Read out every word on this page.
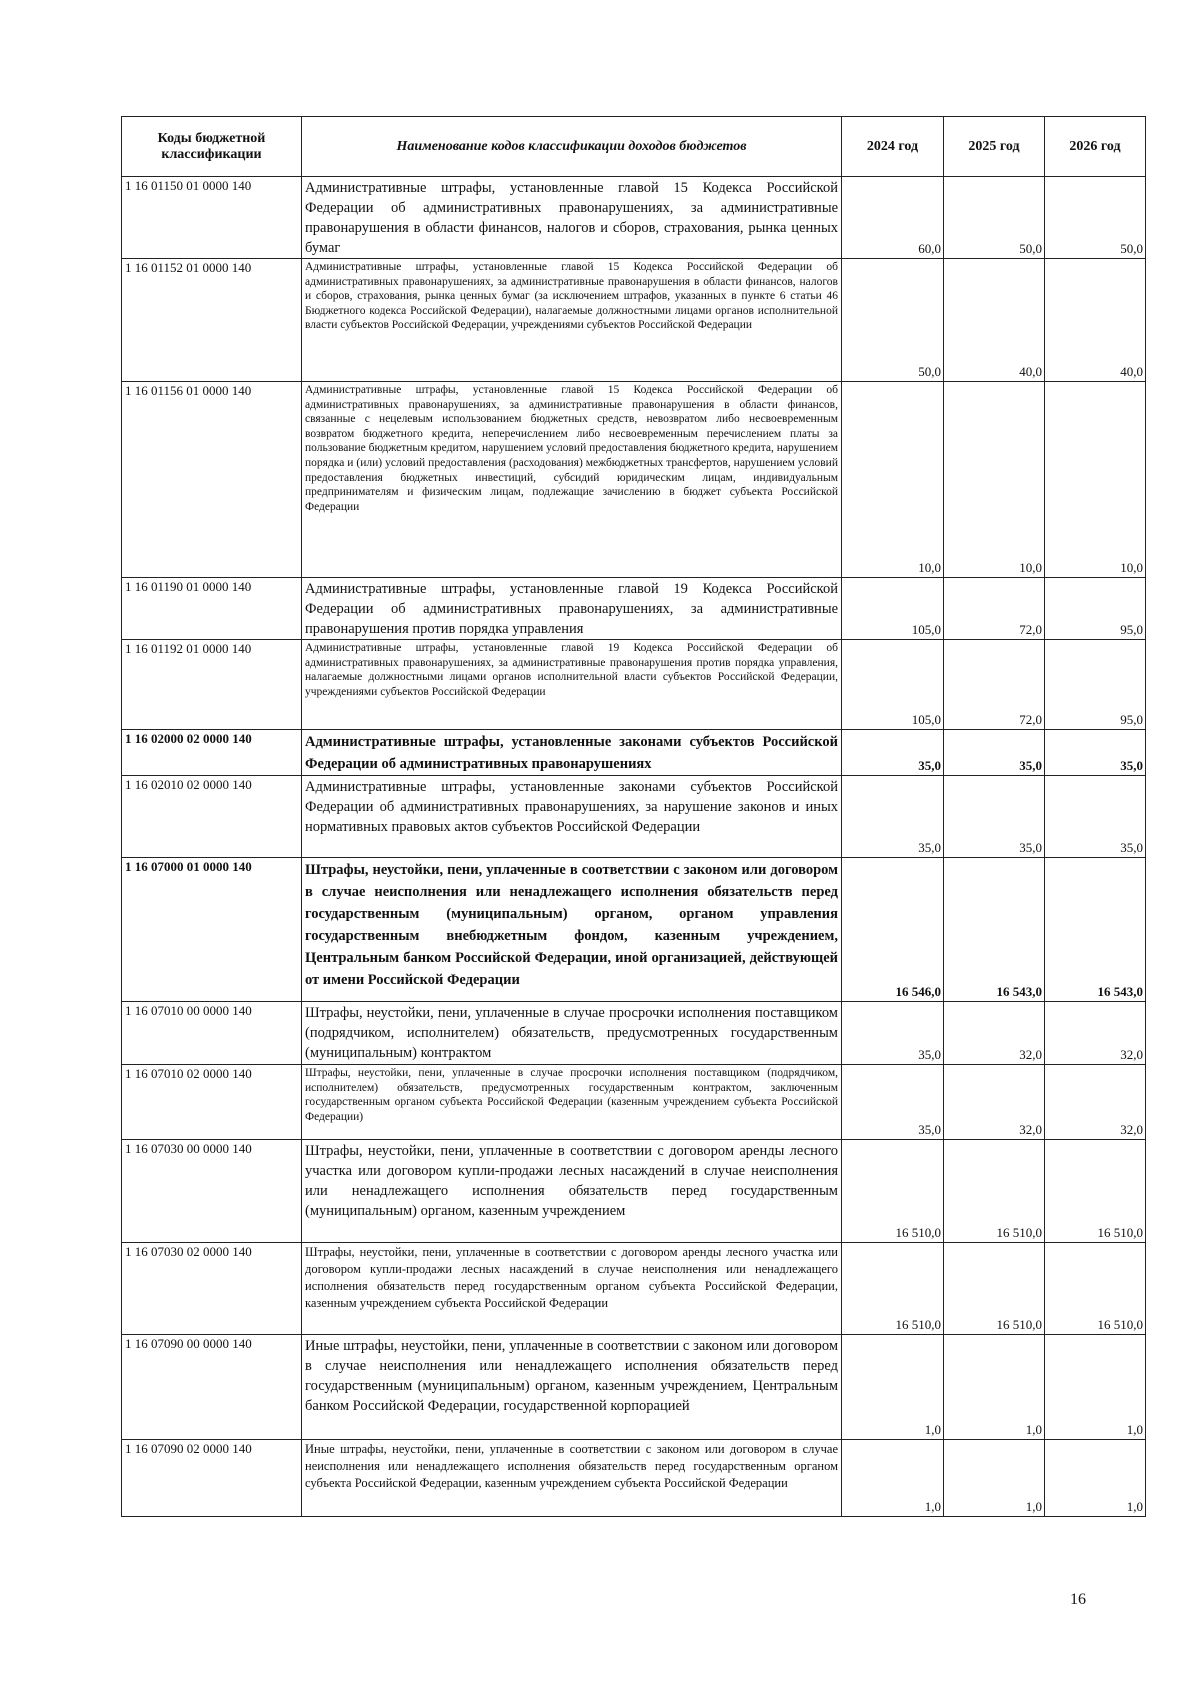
Коды бюджетной классификации	Наименование кодов классификации доходов бюджетов	2024 год	2025 год	2026 год
1 16 01150 01 0000 140	Административные штрафы, установленные главой 15 Кодекса Российской Федерации об административных правонарушениях, за административные правонарушения в области финансов, налогов и сборов, страхования, рынка ценных бумаг	60,0	50,0	50,0
1 16 01152 01 0000 140	Административные штрафы, установленные главой 15 Кодекса Российской Федерации об административных правонарушениях, за административные правонарушения в области финансов, налогов и сборов, страхования, рынка ценных бумаг (за исключением штрафов, указанных в пункте 6 статьи 46 Бюджетного кодекса Российской Федерации), налагаемые должностными лицами органов исполнительной власти субъектов Российской Федерации, учреждениями субъектов Российской Федерации	50,0	40,0	40,0
1 16 01156 01 0000 140	Административные штрафы, установленные главой 15 Кодекса Российской Федерации об административных правонарушениях, за административные правонарушения в области финансов, связанные с нецелевым использованием бюджетных средств, невозвратом либо несвоевременным возвратом бюджетного кредита, неперечислением либо несвоевременным перечислением платы за пользование бюджетным кредитом, нарушением условий предоставления бюджетного кредита, нарушением порядка и (или) условий предоставления (расходования) межбюджетных трансфертов, нарушением условий предоставления бюджетных инвестиций, субсидий юридическим лицам, индивидуальным предпринимателям и физическим лицам, подлежащие зачислению в бюджет субъекта Российской Федерации	10,0	10,0	10,0
1 16 01190 01 0000 140	Административные штрафы, установленные главой 19 Кодекса Российской Федерации об административных правонарушениях, за административные правонарушения против порядка управления	105,0	72,0	95,0
1 16 01192 01 0000 140	Административные штрафы, установленные главой 19 Кодекса Российской Федерации об административных правонарушениях, за административные правонарушения против порядка управления, налагаемые должностными лицами органов исполнительной власти субъектов Российской Федерации, учреждениями субъектов Российской Федерации	105,0	72,0	95,0
1 16 02000 02 0000 140	Административные штрафы, установленные законами субъектов Российской Федерации об административных правонарушениях	35,0	35,0	35,0
1 16 02010 02 0000 140	Административные штрафы, установленные законами субъектов Российской Федерации об административных правонарушениях, за нарушение законов и иных нормативных правовых актов субъектов Российской Федерации	35,0	35,0	35,0
1 16 07000 01 0000 140	Штрафы, неустойки, пени, уплаченные в соответствии с законом или договором в случае неисполнения или ненадлежащего исполнения обязательств перед государственным (муниципальным) органом, органом управления государственным внебюджетным фондом, казенным учреждением, Центральным банком Российской Федерации, иной организацией, действующей от имени Российской Федерации	16 546,0	16 543,0	16 543,0
1 16 07010 00 0000 140	Штрафы, неустойки, пени, уплаченные в случае просрочки исполнения поставщиком (подрядчиком, исполнителем) обязательств, предусмотренных государственным (муниципальным) контрактом	35,0	32,0	32,0
1 16 07010 02 0000 140	Штрафы, неустойки, пени, уплаченные в случае просрочки исполнения поставщиком (подрядчиком, исполнителем) обязательств, предусмотренных государственным контрактом, заключенным государственным органом субъекта Российской Федерации (казенным учреждением субъекта Российской Федерации)	35,0	32,0	32,0
1 16 07030 00 0000 140	Штрафы, неустойки, пени, уплаченные в соответствии с договором аренды лесного участка или договором купли-продажи лесных насаждений в случае неисполнения или ненадлежащего исполнения обязательств перед государственным (муниципальным) органом, казенным учреждением	16 510,0	16 510,0	16 510,0
1 16 07030 02 0000 140	Штрафы, неустойки, пени, уплаченные в соответствии с договором аренды лесного участка или договором купли-продажи лесных насаждений в случае неисполнения или ненадлежащего исполнения обязательств перед государственным органом субъекта Российской Федерации, казенным учреждением субъекта Российской Федерации	16 510,0	16 510,0	16 510,0
1 16 07090 00 0000 140	Иные штрафы, неустойки, пени, уплаченные в соответствии с законом или договором в случае неисполнения или ненадлежащего исполнения обязательств перед государственным (муниципальным) органом, казенным учреждением, Центральным банком Российской Федерации, государственной корпорацией	1,0	1,0	1,0
1 16 07090 02 0000 140	Иные штрафы, неустойки, пени, уплаченные в соответствии с законом или договором в случае неисполнения или ненадлежащего исполнения обязательств перед государственным органом субъекта Российской Федерации, казенным учреждением субъекта Российской Федерации	1,0	1,0	1,0
16
